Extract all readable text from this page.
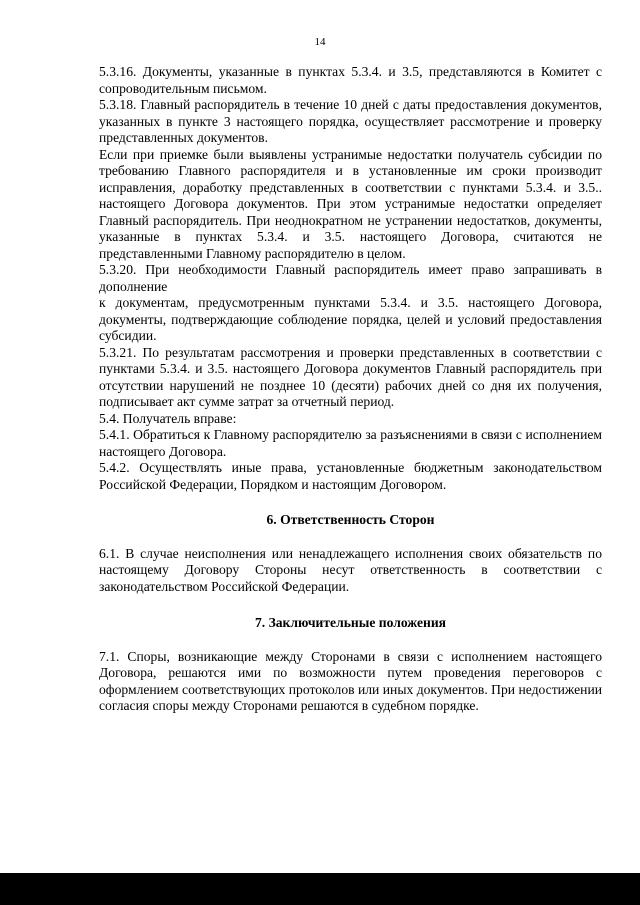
14

5.3.16. Документы, указанные в пунктах 5.3.4. и 3.5, представляются в Комитет с сопроводительным письмом.

5.3.18. Главный распорядитель в течение 10 дней с даты предоставления документов, указанных в пункте 3 настоящего порядка, осуществляет рассмотрение и проверку представленных документов.

Если при приемке были выявлены устранимые недостатки получатель субсидии по требованию Главного распорядителя и в установленные им сроки производит исправления, доработку представленных в соответствии с пунктами 5.3.4. и 3.5.. настоящего Договора документов. При этом устранимые недостатки определяет Главный распорядитель. При неоднократном не устранении недостатков, документы, указанные в пунктах 5.3.4. и 3.5. настоящего Договора, считаются не представленными Главному распорядителю в целом.

5.3.20. При необходимости Главный распорядитель имеет право запрашивать в дополнение

к документам, предусмотренным пунктами 5.3.4. и 3.5. настоящего Договора, документы, подтверждающие соблюдение порядка, целей и условий предоставления субсидии.

5.3.21. По результатам рассмотрения и проверки представленных в соответствии с пунктами 5.3.4. и 3.5. настоящего Договора документов Главный распорядитель при отсутствии нарушений не позднее 10 (десяти) рабочих дней со дня их получения, подписывает акт сумме затрат за отчетный период.

5.4. Получатель вправе:

5.4.1. Обратиться к Главному распорядителю за разъяснениями в связи с исполнением настоящего Договора.

5.4.2. Осуществлять иные права, установленные бюджетным законодательством Российской Федерации, Порядком и настоящим Договором.

6. Ответственность Сторон

6.1. В случае неисполнения или ненадлежащего исполнения своих обязательств по настоящему Договору Стороны несут ответственность в соответствии с законодательством Российской Федерации.

7. Заключительные положения

7.1. Споры, возникающие между Сторонами в связи с исполнением настоящего Договора, решаются ими по возможности путем проведения переговоров с оформлением соответствующих протоколов или иных документов. При недостижении согласия споры между Сторонами решаются в судебном порядке.
